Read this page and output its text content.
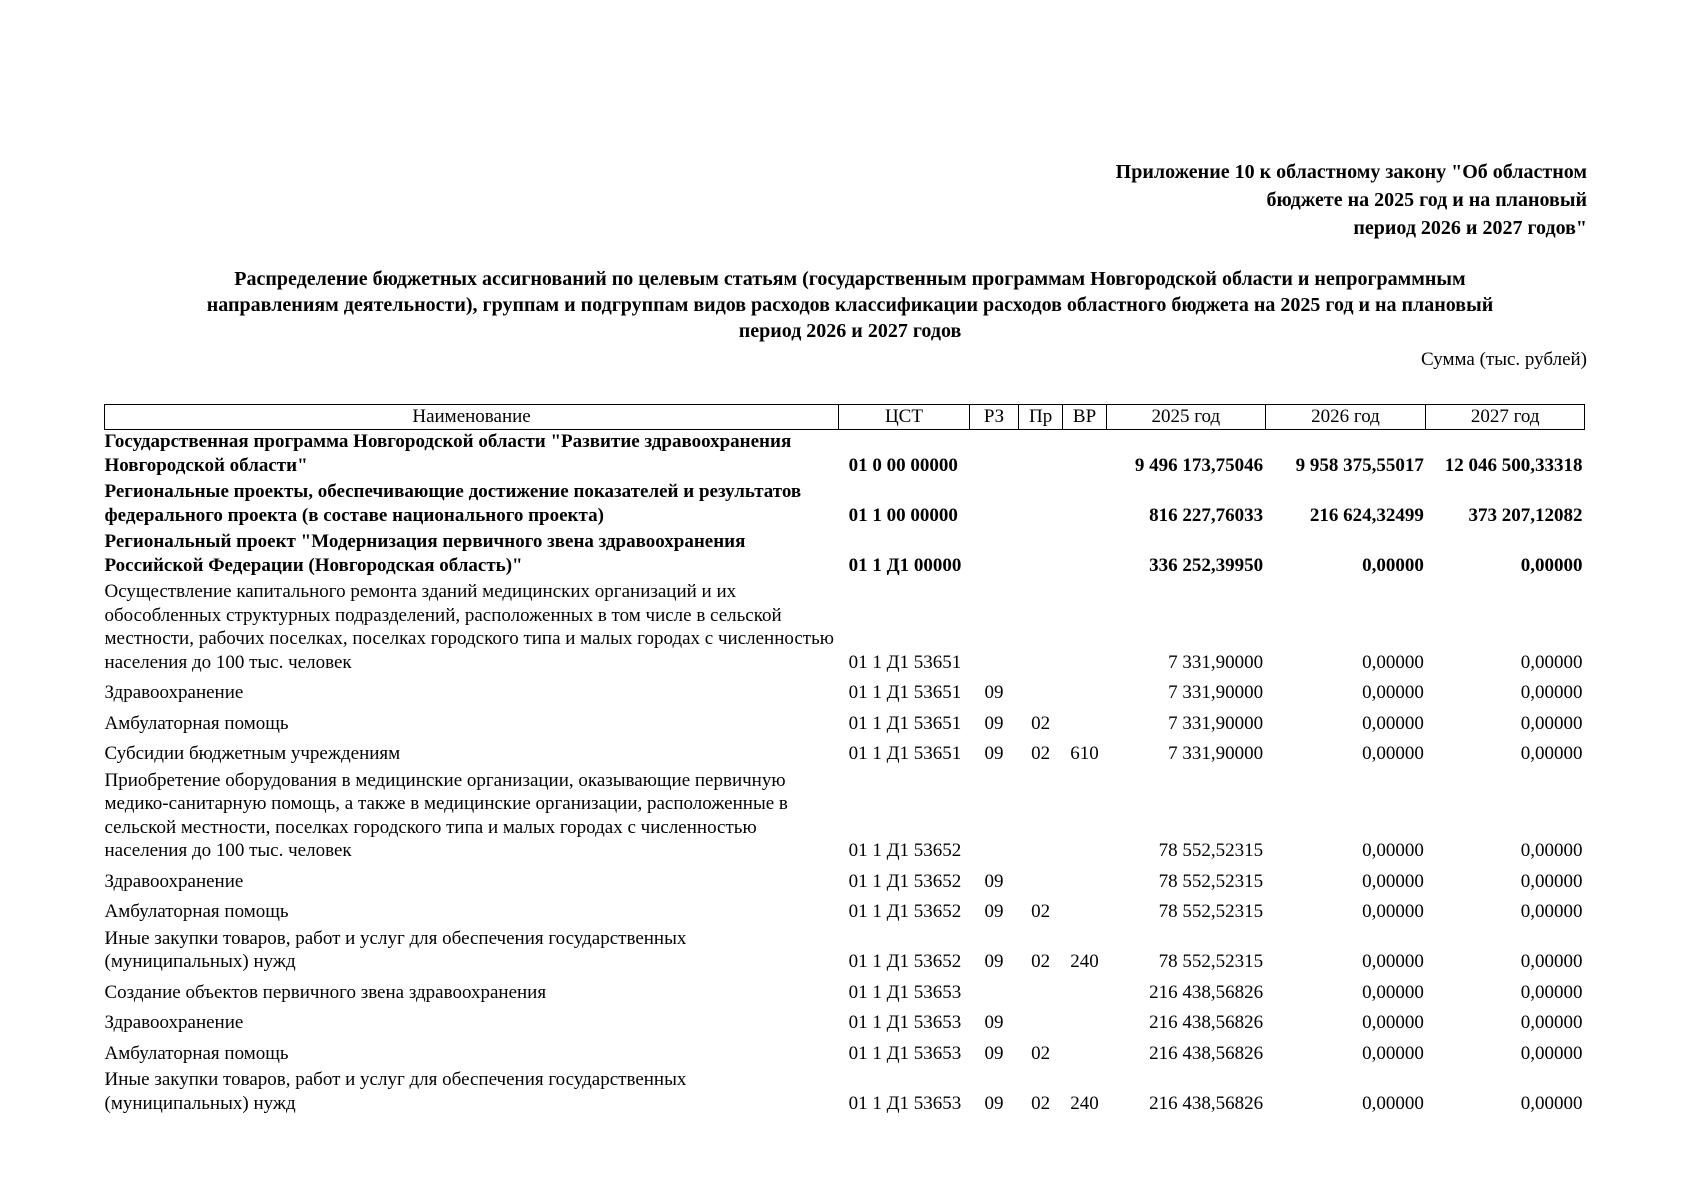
Приложение 10 к областному закону "Об областном
бюджете на 2025 год и на плановый
период 2026 и 2027 годов"
Распределение бюджетных ассигнований по целевым статьям (государственным программам Новгородской области и непрограммным
направлениям деятельности), группам и подгруппам видов расходов классификации расходов областного бюджета на 2025 год и на плановый
период 2026 и 2027 годов
Сумма (тыс. рублей)
Наименование	ЦСТ	РЗ	Пр	ВР	2025 год	2026 год	2027 год
Государственная программа Новгородской области "Развитие здравоохранения Новгородской области"	01 0 00 00000				9 496 173,75046	9 958 375,55017	12 046 500,33318
Региональные проекты, обеспечивающие достижение показателей и результатов федерального проекта (в составе национального проекта)	01 1 00 00000				816 227,76033	216 624,32499	373 207,12082
Региональный проект "Модернизация первичного звена здравоохранения Российской Федерации (Новгородская область)"	01 1 Д1 00000				336 252,39950	0,00000	0,00000
Осуществление капитального ремонта зданий медицинских организаций и их обособленных структурных подразделений, расположенных в том числе в сельской местности, рабочих поселках, поселках городского типа и малых городах с численностью населения до 100 тыс. человек	01 1 Д1 53651				7 331,90000	0,00000	0,00000
Здравоохранение	01 1 Д1 53651	09			7 331,90000	0,00000	0,00000
Амбулаторная помощь	01 1 Д1 53651	09	02		7 331,90000	0,00000	0,00000
Субсидии бюджетным учреждениям	01 1 Д1 53651	09	02	610	7 331,90000	0,00000	0,00000
Приобретение оборудования в медицинские организации, оказывающие первичную медико-санитарную помощь, а также в медицинские организации, расположенные в сельской местности, поселках городского типа и малых городах с численностью населения до 100 тыс. человек	01 1 Д1 53652				78 552,52315	0,00000	0,00000
Здравоохранение	01 1 Д1 53652	09			78 552,52315	0,00000	0,00000
Амбулаторная помощь	01 1 Д1 53652	09	02		78 552,52315	0,00000	0,00000
Иные закупки товаров, работ и услуг для обеспечения государственных (муниципальных) нужд	01 1 Д1 53652	09	02	240	78 552,52315	0,00000	0,00000
Создание объектов первичного звена здравоохранения	01 1 Д1 53653				216 438,56826	0,00000	0,00000
Здравоохранение	01 1 Д1 53653	09			216 438,56826	0,00000	0,00000
Амбулаторная помощь	01 1 Д1 53653	09	02		216 438,56826	0,00000	0,00000
Иные закупки товаров, работ и услуг для обеспечения государственных (муниципальных) нужд	01 1 Д1 53653	09	02	240	216 438,56826	0,00000	0,00000
